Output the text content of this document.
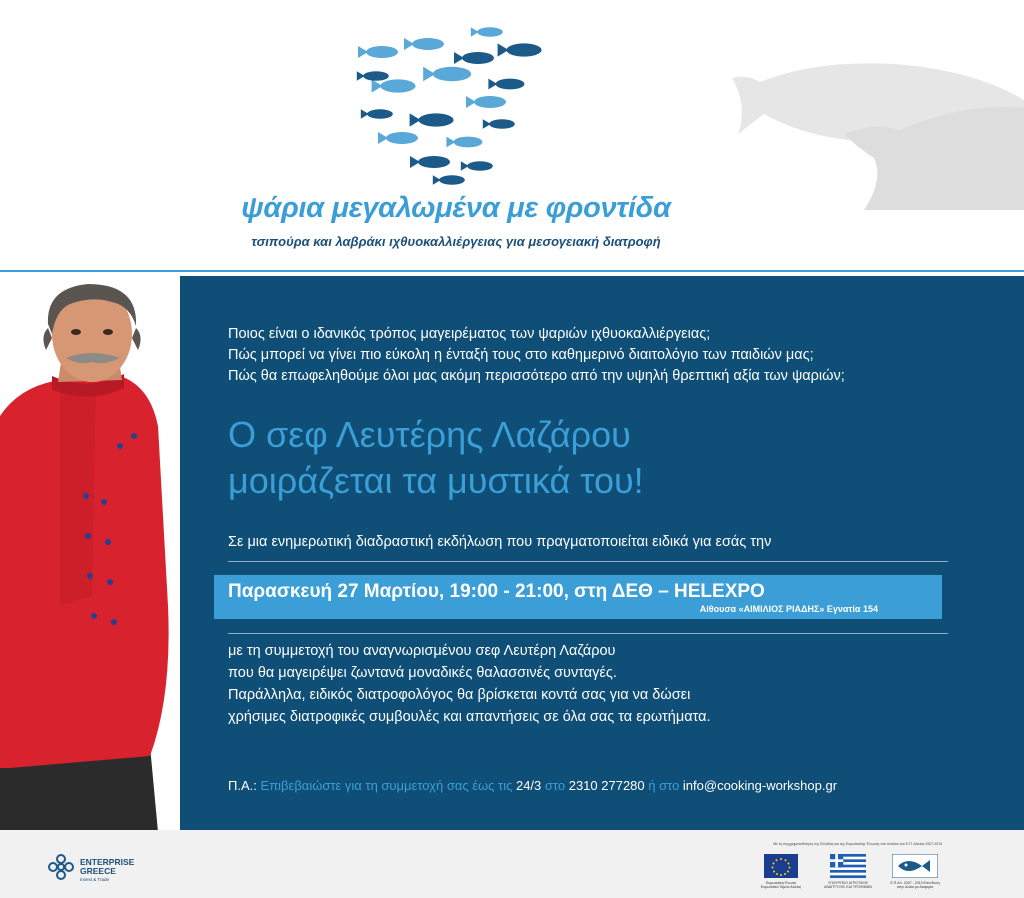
ψάρια μεγαλωμένα με φροντίδα
τσιπούρα και λαβράκι ιχθυοκαλλιέργειας για μεσογειακή διατροφή
Ποιος είναι ο ιδανικός τρόπος μαγειρέματος των ψαριών ιχθυοκαλλιέργειας;
Πώς μπορεί να γίνει πιο εύκολη η ένταξή τους στο καθημερινό διαιτολόγιο των παιδιών μας;
Πώς θα επωφεληθούμε όλοι μας ακόμη περισσότερο από την υψηλή θρεπτική αξία των ψαριών;
Ο σεφ Λευτέρης Λαζάρου
μοιράζεται τα μυστικά του!
Σε μια ενημερωτική διαδραστική εκδήλωση που πραγματοποιείται ειδικά για εσάς την
Παρασκευή 27 Μαρτίου, 19:00 - 21:00, στη ΔΕΘ – HELEXPO
Αίθουσα «ΑΙΜΙΛΙΟΣ ΡΙΑΔΗΣ» Εγνατία 154
με τη συμμετοχή του αναγνωρισμένου σεφ Λευτέρη Λαζάρου
που θα μαγειρέψει ζωντανά μοναδικές θαλασσινές συνταγές.
Παράλληλα, ειδικός διατροφολόγος θα βρίσκεται κοντά σας για να δώσει
χρήσιμες διατροφικές συμβουλές και απαντήσεις σε όλα σας τα ερωτήματα.
Π.Α.: Επιβεβαιώστε για τη συμμετοχή σας έως τις 24/3 στο 2310 277280 ή στο info@cooking-workshop.gr
ENTERPRISE
GREECE
Invest & Trade
Με τη συγχρηματοδότηση της Ελλάδας και της Ευρωπαϊκής Ένωσης στο πλαίσιο του Ε.Π. Αλιείας 2007-2013
Ευρωπαϊκή Ένωση Ευρωπαϊκό Ταμείο Αλιείας
ΥΠΟΥΡΓΕΙΟ ΑΓΡΟΤΙΚΗΣ ΑΝΑΠΤΥΞΗΣ ΚΑΙ ΤΡΟΦΙΜΩΝ
Ε.Π.ΑΛ. 2007 - 2013 Επένδυση στην Αλιεία με Αειφορία
